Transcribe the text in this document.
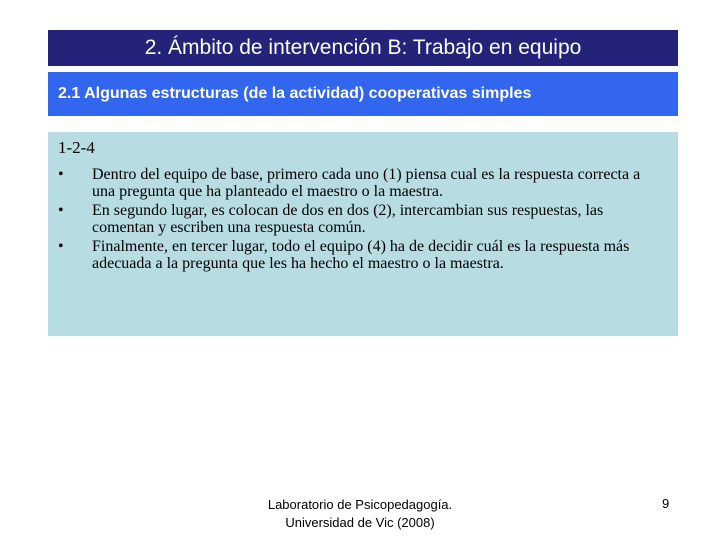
2. Ámbito de intervención B: Trabajo en equipo
2.1 Algunas estructuras (de la actividad) cooperativas simples
1-2-4
• Dentro del equipo de base, primero cada uno (1) piensa cual es la respuesta correcta a una pregunta que ha planteado el maestro o la maestra.
• En segundo lugar, es colocan de dos en dos (2), intercambian sus respuestas, las comentan y escriben una respuesta común.
• Finalmente, en tercer lugar, todo el equipo (4) ha de decidir cuál es la respuesta más adecuada a la pregunta que les ha hecho el maestro o la maestra.
Laboratorio de Psicopedagogía.
Universidad de Vic (2008)
9
